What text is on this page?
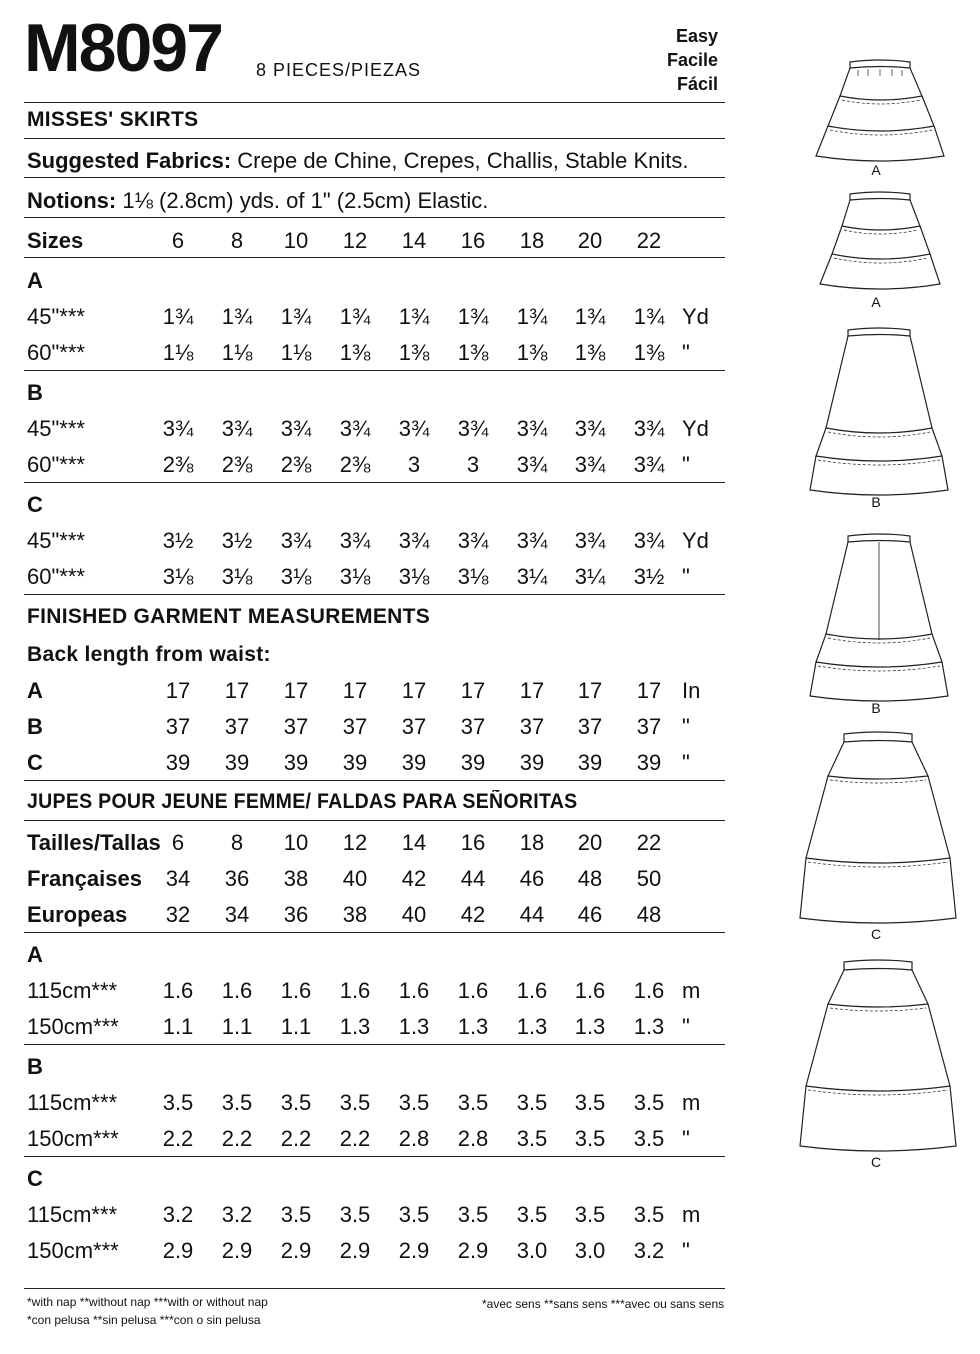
M8097 8 PIECES/PIEZAS
Easy
Facile
Fácil
MISSES' SKIRTS
Suggested Fabrics: Crepe de Chine, Crepes, Challis, Stable Knits.
Notions: 1⅛ (2.8cm) yds. of 1" (2.5cm) Elastic.
Sizes	6	8	10	12	14	16	18	20	22
A
45"***	1¾	1¾	1¾	1¾	1¾	1¾	1¾	1¾	1¾ Yd
60"***	1⅛	1⅛	1⅛	1⅜	1⅜	1⅜	1⅜	1⅜	1⅜ "
B
45"***	3¾	3¾	3¾	3¾	3¾	3¾	3¾	3¾	3¾ Yd
60"***	2⅜	2⅜	2⅜	2⅜	3	3	3¾	3¾	3¾ "
C
45"***	3½	3½	3¾	3¾	3¾	3¾	3¾	3¾	3¾ Yd
60"***	3⅛	3⅛	3⅛	3⅛	3⅛	3⅛	3¼	3¼	3½ "
FINISHED GARMENT MEASUREMENTS
Back length from waist:
A	17	17	17	17	17	17	17	17	17 In
B	37	37	37	37	37	37	37	37	37 "
C	39	39	39	39	39	39	39	39	39 "
JUPES POUR JEUNE FEMME/ FALDAS PARA SEÑORITAS
Tailles/Tallas 6	8	10	12	14	16	18	20	22
Françaises	34	36	38	40	42	44	46	48	50
Europeas	32	34	36	38	40	42	44	46	48
A
115cm***	1.6	1.6	1.6	1.6	1.6	1.6	1.6	1.6	1.6 m
150cm***	1.1	1.1	1.1	1.3	1.3	1.3	1.3	1.3	1.3 "
B
115cm***	3.5	3.5	3.5	3.5	3.5	3.5	3.5	3.5	3.5 m
150cm***	2.2	2.2	2.2	2.2	2.8	2.8	3.5	3.5	3.5 "
C
115cm***	3.2	3.2	3.5	3.5	3.5	3.5	3.5	3.5	3.5 m
150cm***	2.9	2.9	2.9	2.9	2.9	2.9	3.0	3.0	3.2 "
*with nap **without nap ***with or without nap
*con pelusa **sin pelusa ***con o sin pelusa
*avec sens **sans sens ***avec ou sans sens
A
A
B
B
C
C
